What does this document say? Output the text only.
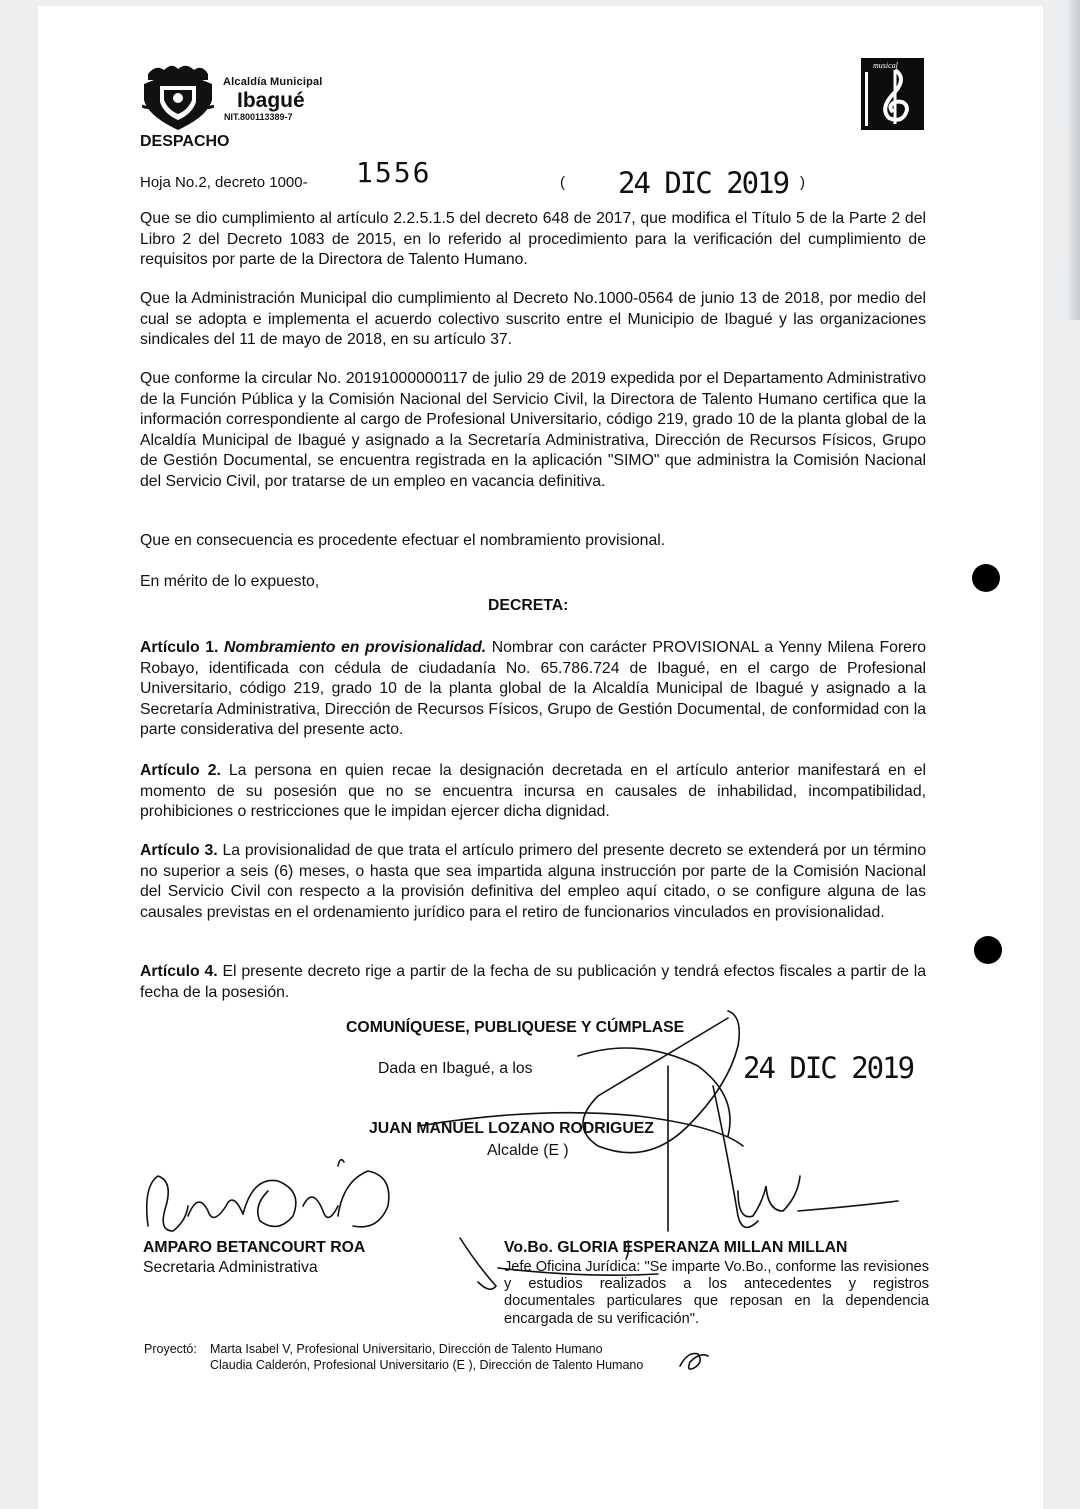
Alcaldía Municipal
Ibagué
NIT.800113389-7
DESPACHO
musical
Hoja No.2, decreto 1000- 1556	( 24 DIC 2019 )

Que se dio cumplimiento al artículo 2.2.5.1.5 del decreto 648 de 2017, que modifica el Título 5 de la Parte 2 del Libro 2 del Decreto 1083 de 2015, en lo referido al procedimiento para la verificación del cumplimiento de requisitos por parte de la Directora de Talento Humano.

Que la Administración Municipal dio cumplimiento al Decreto No.1000-0564 de junio 13 de 2018, por medio del cual se adopta e implementa el acuerdo colectivo suscrito entre el Municipio de Ibagué y las organizaciones sindicales del 11 de mayo de 2018, en su artículo 37.

Que conforme la circular No. 20191000000117 de julio 29 de 2019 expedida por el Departamento Administrativo de la Función Pública y la Comisión Nacional del Servicio Civil, la Directora de Talento Humano certifica que la información correspondiente al cargo de Profesional Universitario, código 219, grado 10 de la planta global de la Alcaldía Municipal de Ibagué y asignado a la Secretaría Administrativa, Dirección de Recursos Físicos, Grupo de Gestión Documental, se encuentra registrada en la aplicación "SIMO" que administra la Comisión Nacional del Servicio Civil, por tratarse de un empleo en vacancia definitiva.

Que en consecuencia es procedente efectuar el nombramiento provisional.

En mérito de lo expuesto,

DECRETA:

Artículo 1. Nombramiento en provisionalidad. Nombrar con carácter PROVISIONAL a Yenny Milena Forero Robayo, identificada con cédula de ciudadanía No. 65.786.724 de Ibagué, en el cargo de Profesional Universitario, código 219, grado 10 de la planta global de la Alcaldía Municipal de Ibagué y asignado a la Secretaría Administrativa, Dirección de Recursos Físicos, Grupo de Gestión Documental, de conformidad con la parte considerativa del presente acto.

Artículo 2. La persona en quien recae la designación decretada en el artículo anterior manifestará en el momento de su posesión que no se encuentra incursa en causales de inhabilidad, incompatibilidad, prohibiciones o restricciones que le impidan ejercer dicha dignidad.

Artículo 3. La provisionalidad de que trata el artículo primero del presente decreto se extenderá por un término no superior a seis (6) meses, o hasta que sea impartida alguna instrucción por parte de la Comisión Nacional del Servicio Civil con respecto a la provisión definitiva del empleo aquí citado, o se configure alguna de las causales previstas en el ordenamiento jurídico para el retiro de funcionarios vinculados en provisionalidad.

Artículo 4. El presente decreto rige a partir de la fecha de su publicación y tendrá efectos fiscales a partir de la fecha de la posesión.

COMUNÍQUESE, PUBLIQUESE Y CÚMPLASE
Dada en Ibagué, a los	24 DIC 2019
JUAN MANUEL LOZANO RODRIGUEZ
Alcalde (E )
AMPARO BETANCOURT ROA
Secretaria Administrativa
Vo.Bo. GLORIA ESPERANZA MILLAN MILLAN

Jefe Oficina Jurídica: "Se imparte Vo.Bo., conforme las revisiones y estudios realizados a los antecedentes y registros documentales particulares que reposan en la dependencia encargada de su verificación".

Proyectó: Marta Isabel V, Profesional Universitario, Dirección de Talento Humano
Claudia Calderón, Profesional Universitario (E ), Dirección de Talento Humano
